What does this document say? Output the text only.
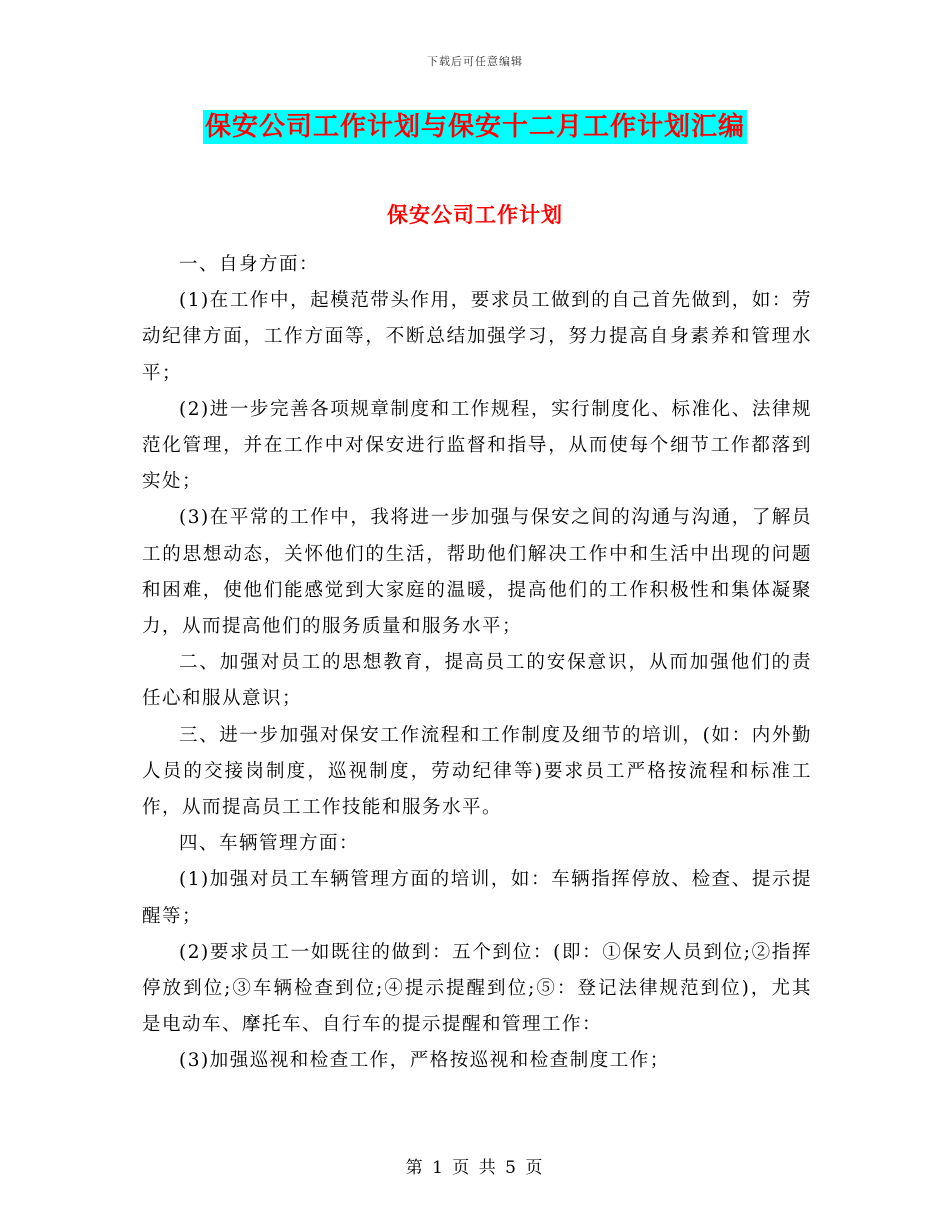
下载后可任意编辑
保安公司工作计划与保安十二月工作计划汇编
保安公司工作计划

一、自身方面：

(1)在工作中，起模范带头作用，要求员工做到的自己首先做到，如：劳动纪律方面，工作方面等，不断总结加强学习，努力提高自身素养和管理水平；

(2)进一步完善各项规章制度和工作规程，实行制度化、标准化、法律规范化管理，并在工作中对保安进行监督和指导，从而使每个细节工作都落到实处；

(3)在平常的工作中，我将进一步加强与保安之间的沟通与沟通，了解员工的思想动态，关怀他们的生活，帮助他们解决工作中和生活中出现的问题和困难，使他们能感觉到大家庭的温暖，提高他们的工作积极性和集体凝聚力，从而提高他们的服务质量和服务水平；

二、加强对员工的思想教育，提高员工的安保意识，从而加强他们的责任心和服从意识；

三、进一步加强对保安工作流程和工作制度及细节的培训，(如：内外勤人员的交接岗制度，巡视制度，劳动纪律等)要求员工严格按流程和标准工作，从而提高员工工作技能和服务水平。

四、车辆管理方面：

(1)加强对员工车辆管理方面的培训，如：车辆指挥停放、检查、提示提醒等；

(2)要求员工一如既往的做到：五个到位：(即：①保安人员到位;②指挥停放到位;③车辆检查到位;④提示提醒到位;⑤：登记法律规范到位)，尤其是电动车、摩托车、自行车的提示提醒和管理工作：

(3)加强巡视和检查工作，严格按巡视和检查制度工作；

第 1 页 共 5 页
